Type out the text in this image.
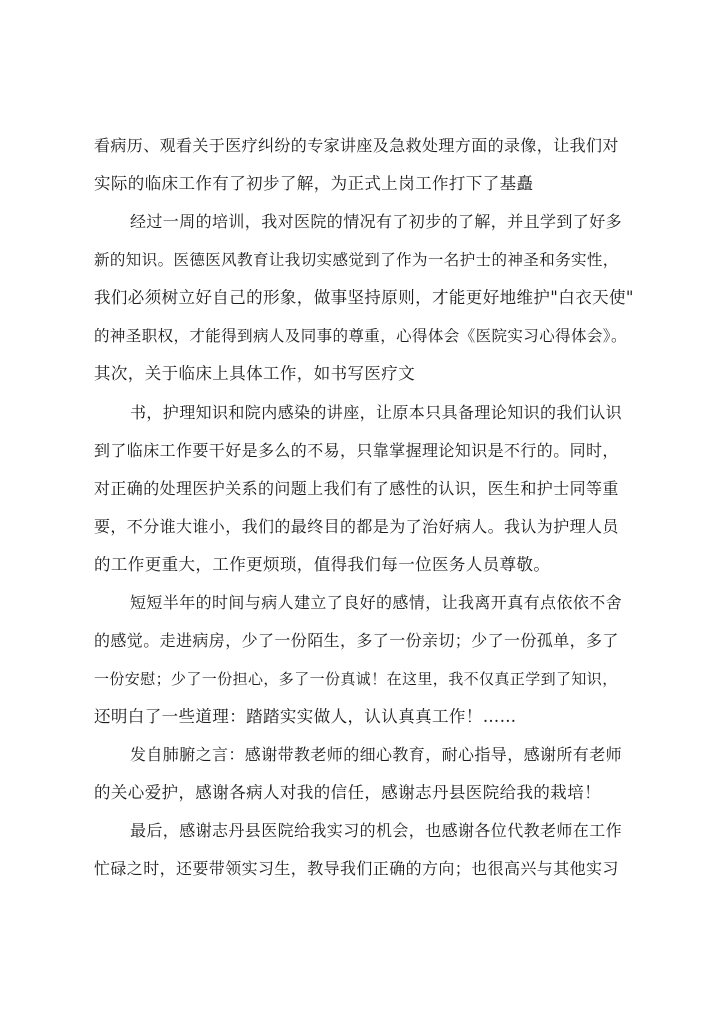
看病历、观看关于医疗纠纷的专家讲座及急救处理方面的录像，让我们对

实际的临床工作有了初步了解，为正式上岗工作打下了基矗

经过一周的培训，我对医院的情况有了初步的了解，并且学到了好多

新的知识。医德医风教育让我切实感觉到了作为一名护士的神圣和务实性，

我们必须树立好自己的形象，做事坚持原则，才能更好地维护"白衣天使"

的神圣职权，才能得到病人及同事的尊重，心得体会《医院实习心得体会》。

其次，关于临床上具体工作，如书写医疗文

书，护理知识和院内感染的讲座，让原本只具备理论知识的我们认识

到了临床工作要干好是多么的不易，只靠掌握理论知识是不行的。同时，

对正确的处理医护关系的问题上我们有了感性的认识，医生和护士同等重

要，不分谁大谁小，我们的最终目的都是为了治好病人。我认为护理人员

的工作更重大，工作更烦琐，值得我们每一位医务人员尊敬。

短短半年的时间与病人建立了良好的感情，让我离开真有点依依不舍

的感觉。走进病房，少了一份陌生，多了一份亲切；少了一份孤单，多了

一份安慰；少了一份担心，多了一份真诚！在这里，我不仅真正学到了知识，

还明白了一些道理：踏踏实实做人，认认真真工作！……

发自肺腑之言：感谢带教老师的细心教育，耐心指导，感谢所有老师

的关心爱护，感谢各病人对我的信任，感谢志丹县医院给我的栽培！

最后，感谢志丹县医院给我实习的机会，也感谢各位代教老师在工作

忙碌之时，还要带领实习生，教导我们正确的方向；也很高兴与其他实习
